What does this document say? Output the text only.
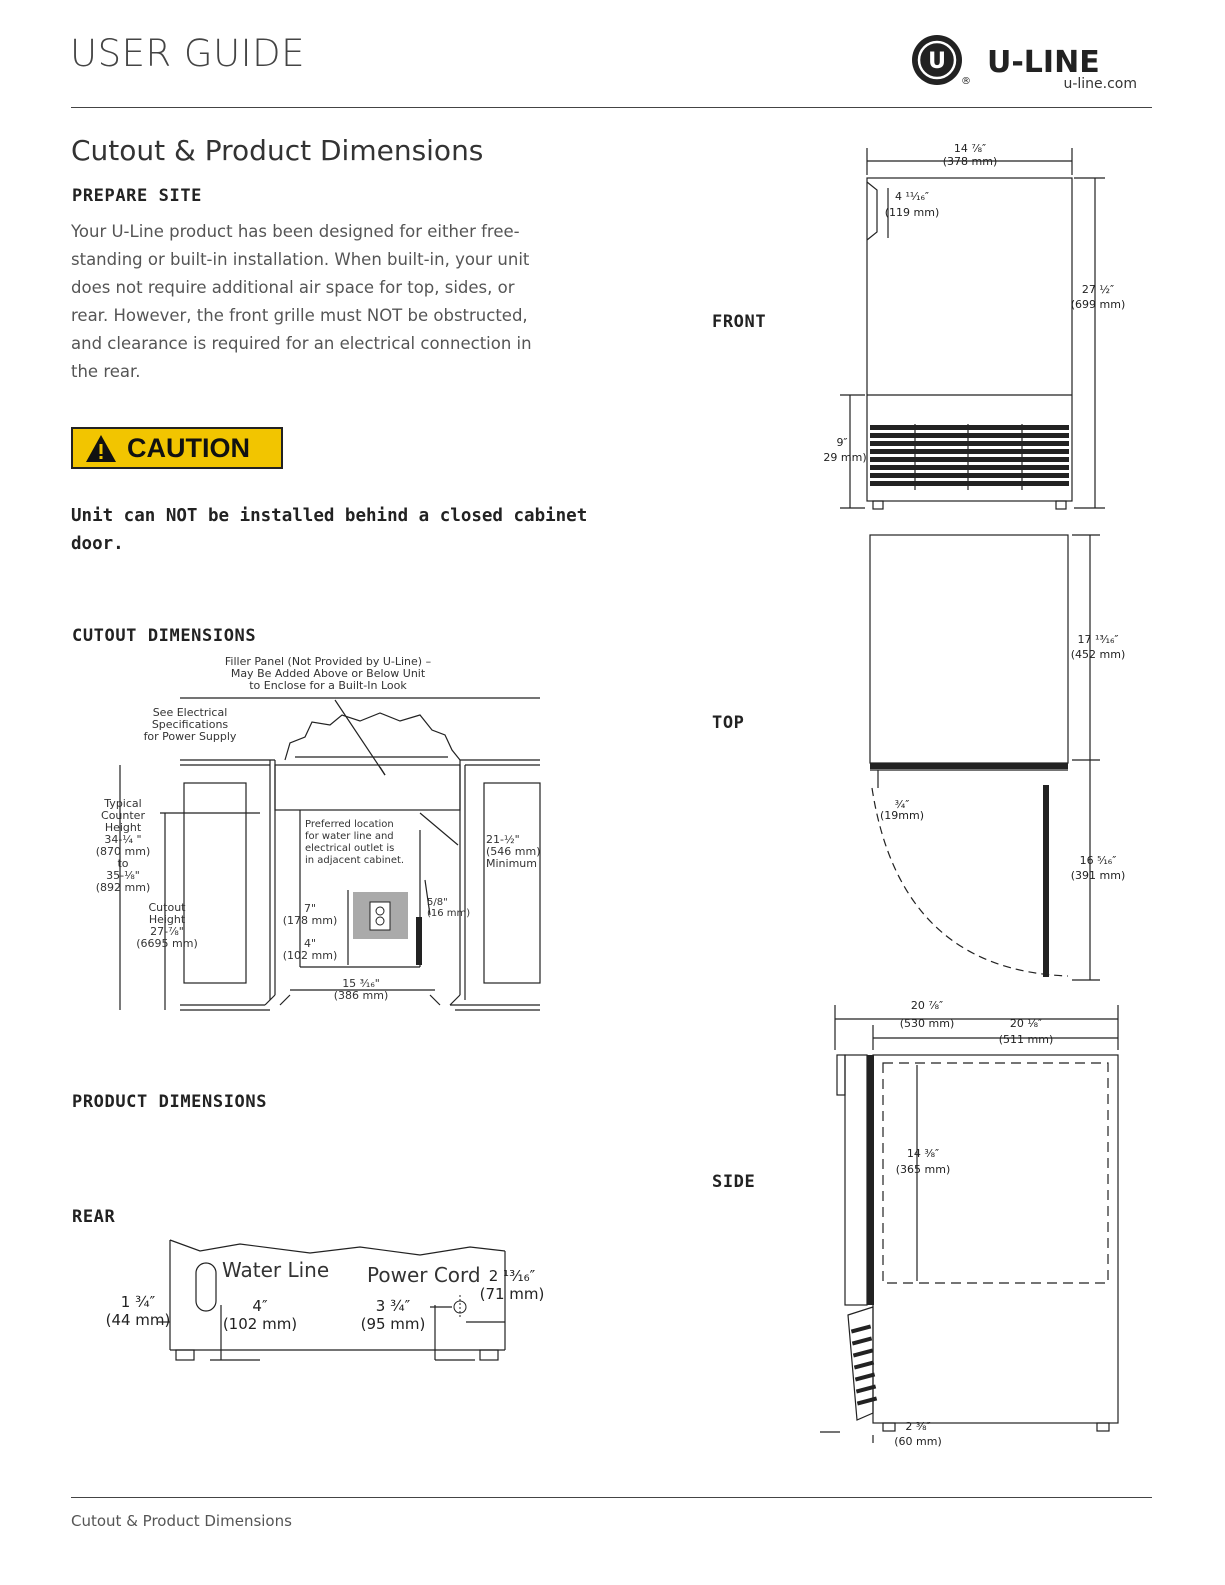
USER GUIDE	U
®
U-LINE
u-line.com
Cutout & Product Dimensions
PREPARE SITE
Your U-Line product has been designed for either free-
standing or built-in installation. When built-in, your unit
does not require additional air space for top, sides, or
rear. However, the front grille must NOT be obstructed,
and clearance is required for an electrical connection in
the rear.
CAUTION
Unit can NOT be installed behind a closed cabinet
door.
CUTOUT DIMENSIONS
Filler Panel (Not Provided by U-Line) –
May Be Added Above or Below Unit
to Enclose for a Built-In Look
See Electrical
Specifications
for Power Supply
Typical
Counter
Height
34-¼ "
(870 mm)
to
35-⅛"
(892 mm)
Cutout
Height
27-⅞"
(6695 mm)
7"
(178 mm)
4"
(102 mm)
15 ³⁄₁₆"
(386 mm)
Preferred location
for water line and
electrical outlet is
in adjacent cabinet.
5/8"
(16 mm)
21-½"
(546 mm)
Minimum
PRODUCT DIMENSIONS
REAR
Water Line Power Cord
1 ¾″
(44 mm)
4″
(102 mm)
3 ¾″
(95 mm)
2 ¹³⁄₁₆″
(71 mm)
FRONT
TOP
SIDE
14 ⅞″
(378 mm)
4 ¹¹⁄₁₆″
(119 mm)
27 ½″
(699 mm)
9″
29 mm)
17 ¹³⁄₁₆″
(452 mm)
16 ⁵⁄₁₆″
(391 mm)
¾″
(19mm)
20 ⅞″
(530 mm)	20 ⅛″
(511 mm)
14 ⅜″
(365 mm)
2 ⅜″
(60 mm)
Cutout & Product Dimensions
